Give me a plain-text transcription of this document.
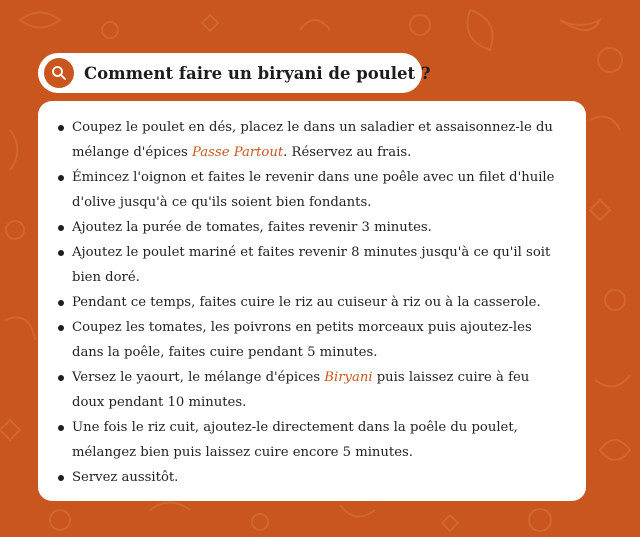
Comment faire un biryani de poulet ?
Coupez le poulet en dés, placez le dans un saladier et assaisonnez-le du mélange d'épices Passe Partout. Réservez au frais.
Émincez l'oignon et faites le revenir dans une poêle avec un filet d'huile d'olive jusqu'à ce qu'ils soient bien fondants.
Ajoutez la purée de tomates, faites revenir 3 minutes.
Ajoutez le poulet mariné et faites revenir 8 minutes jusqu'à ce qu'il soit bien doré.
Pendant ce temps, faites cuire le riz au cuiseur à riz ou à la casserole.
Coupez les tomates, les poivrons en petits morceaux puis ajoutez-les dans la poêle, faites cuire pendant 5 minutes.
Versez le yaourt, le mélange d'épices Biryani puis laissez cuire à feu doux pendant 10 minutes.
Une fois le riz cuit, ajoutez-le directement dans la poêle du poulet, mélangez bien puis laissez cuire encore 5 minutes.
Servez aussitôt.
